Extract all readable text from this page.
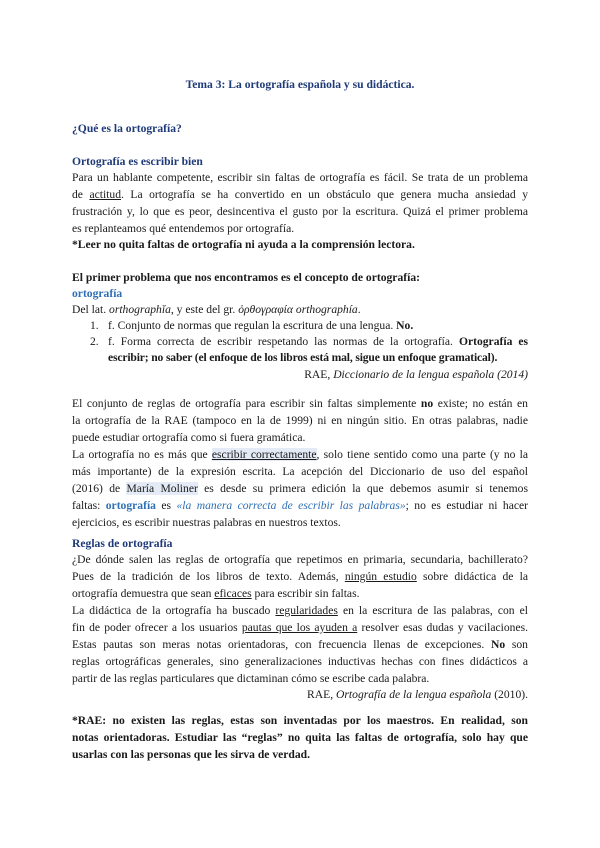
Tema 3: La ortografía española y su didáctica.
¿Qué es la ortografía?
Ortografía es escribir bien
Para un hablante competente, escribir sin faltas de ortografía es fácil. Se trata de un problema
de actitud. La ortografía se ha convertido en un obstáculo que genera mucha ansiedad y
frustración y, lo que es peor, desincentiva el gusto por la escritura. Quizá el primer problema
es replanteamos qué entendemos por ortografía.
*Leer no quita faltas de ortografía ni ayuda a la comprensión lectora.
El primer problema que nos encontramos es el concepto de ortografía:
ortografía
Del lat. orthographĭa, y este del gr. ὀρθογραφία orthographía.
1. f. Conjunto de normas que regulan la escritura de una lengua. No.
2. f. Forma correcta de escribir respetando las normas de la ortografía. Ortografía es
escribir; no saber (el enfoque de los libros está mal, sigue un enfoque gramatical).
RAE, Diccionario de la lengua española (2014)
El conjunto de reglas de ortografía para escribir sin faltas simplemente no existe; no están en
la ortografía de la RAE (tampoco en la de 1999) ni en ningún sitio. En otras palabras, nadie
puede estudiar ortografía como si fuera gramática.
La ortografía no es más que escribir correctamente, solo tiene sentido como una parte (y no la
más importante) de la expresión escrita. La acepción del Diccionario de uso del español
(2016) de María Moliner es desde su primera edición la que debemos asumir si tenemos
faltas: ortografía es «la manera correcta de escribir las palabras»; no es estudiar ni hacer
ejercicios, es escribir nuestras palabras en nuestros textos.
Reglas de ortografía
¿De dónde salen las reglas de ortografía que repetimos en primaria, secundaria, bachillerato?
Pues de la tradición de los libros de texto. Además, ningún estudio sobre didáctica de la
ortografía demuestra que sean eficaces para escribir sin faltas.
La didáctica de la ortografía ha buscado regularidades en la escritura de las palabras, con el
fin de poder ofrecer a los usuarios pautas que los ayuden a resolver esas dudas y vacilaciones.
Estas pautas son meras notas orientadoras, con frecuencia llenas de excepciones. No son
reglas ortográficas generales, sino generalizaciones inductivas hechas con fines didácticos a
partir de las reglas particulares que dictaminan cómo se escribe cada palabra.
RAE, Ortografía de la lengua española (2010).
*RAE: no existen las reglas, estas son inventadas por los maestros. En realidad, son
notas orientadoras. Estudiar las “reglas” no quita las faltas de ortografía, solo hay que
usarlas con las personas que les sirva de verdad.
